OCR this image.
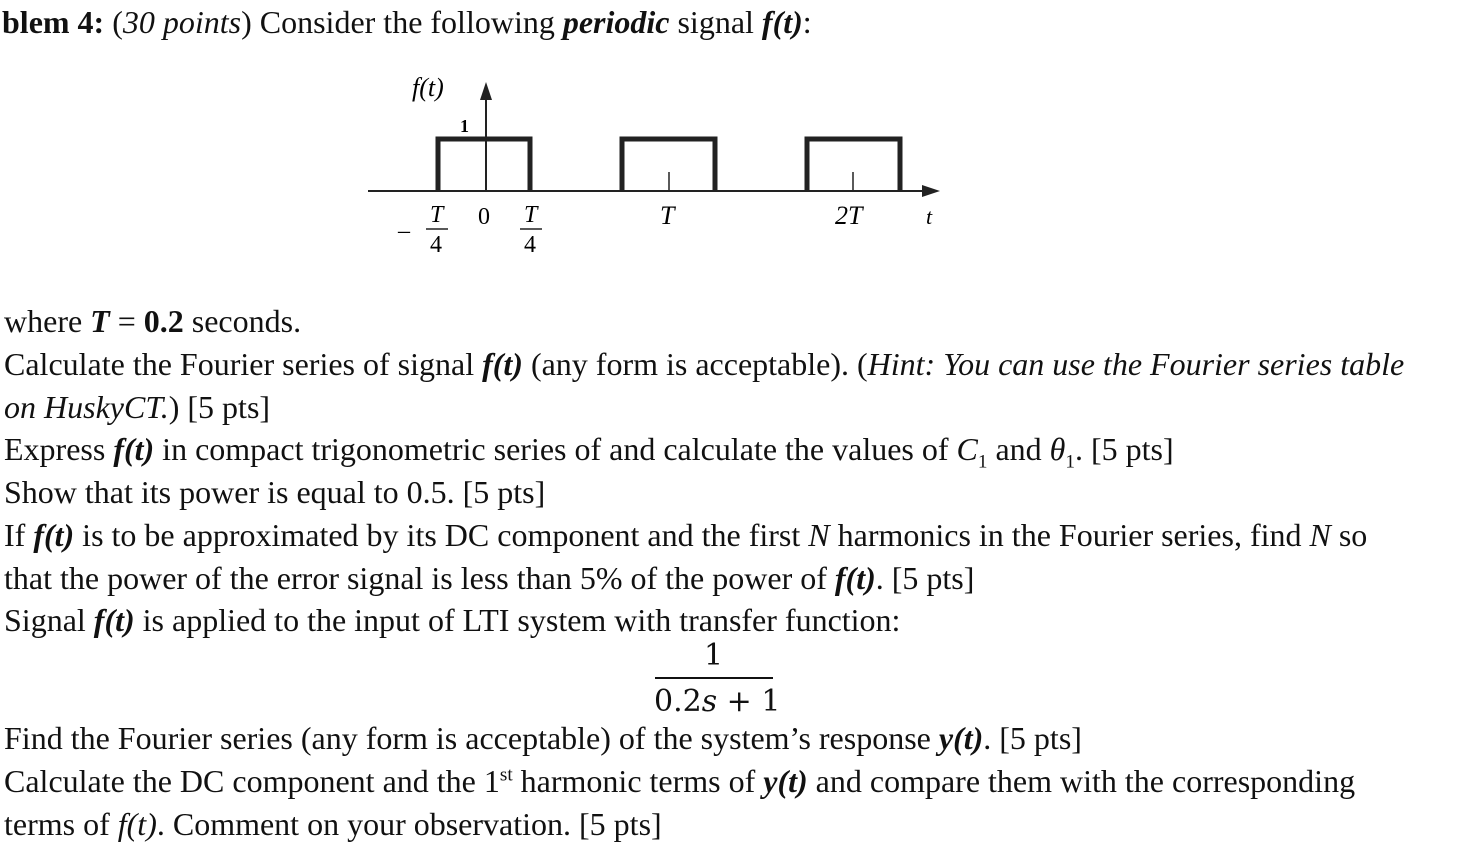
blem 4: (30 points) Consider the following periodic signal f(t):
f(t)
1
–
T
4
0 T
4
T	2T	t
where T = 0.2 seconds.
Calculate the Fourier series of signal f(t) (any form is acceptable). (Hint: You can use the Fourier series table
on HuskyCT.) [5 pts]
Express f(t) in compact trigonometric series of and calculate the values of $C_1$ and $\theta_1$. [5 pts]
Show that its power is equal to 0.5. [5 pts]
If f(t) is to be approximated by its DC component and the first N harmonics in the Fourier series, find N so
that the power of the error signal is less than 5% of the power of f(t). [5 pts]
Signal f(t) is applied to the input of LTI system with transfer function:
1
0.2s + 1
Find the Fourier series (any form is acceptable) of the system’s response y(t). [5 pts]
Calculate the DC component and the 1st harmonic terms of y(t) and compare them with the corresponding
terms of f(t). Comment on your observation. [5 pts]
